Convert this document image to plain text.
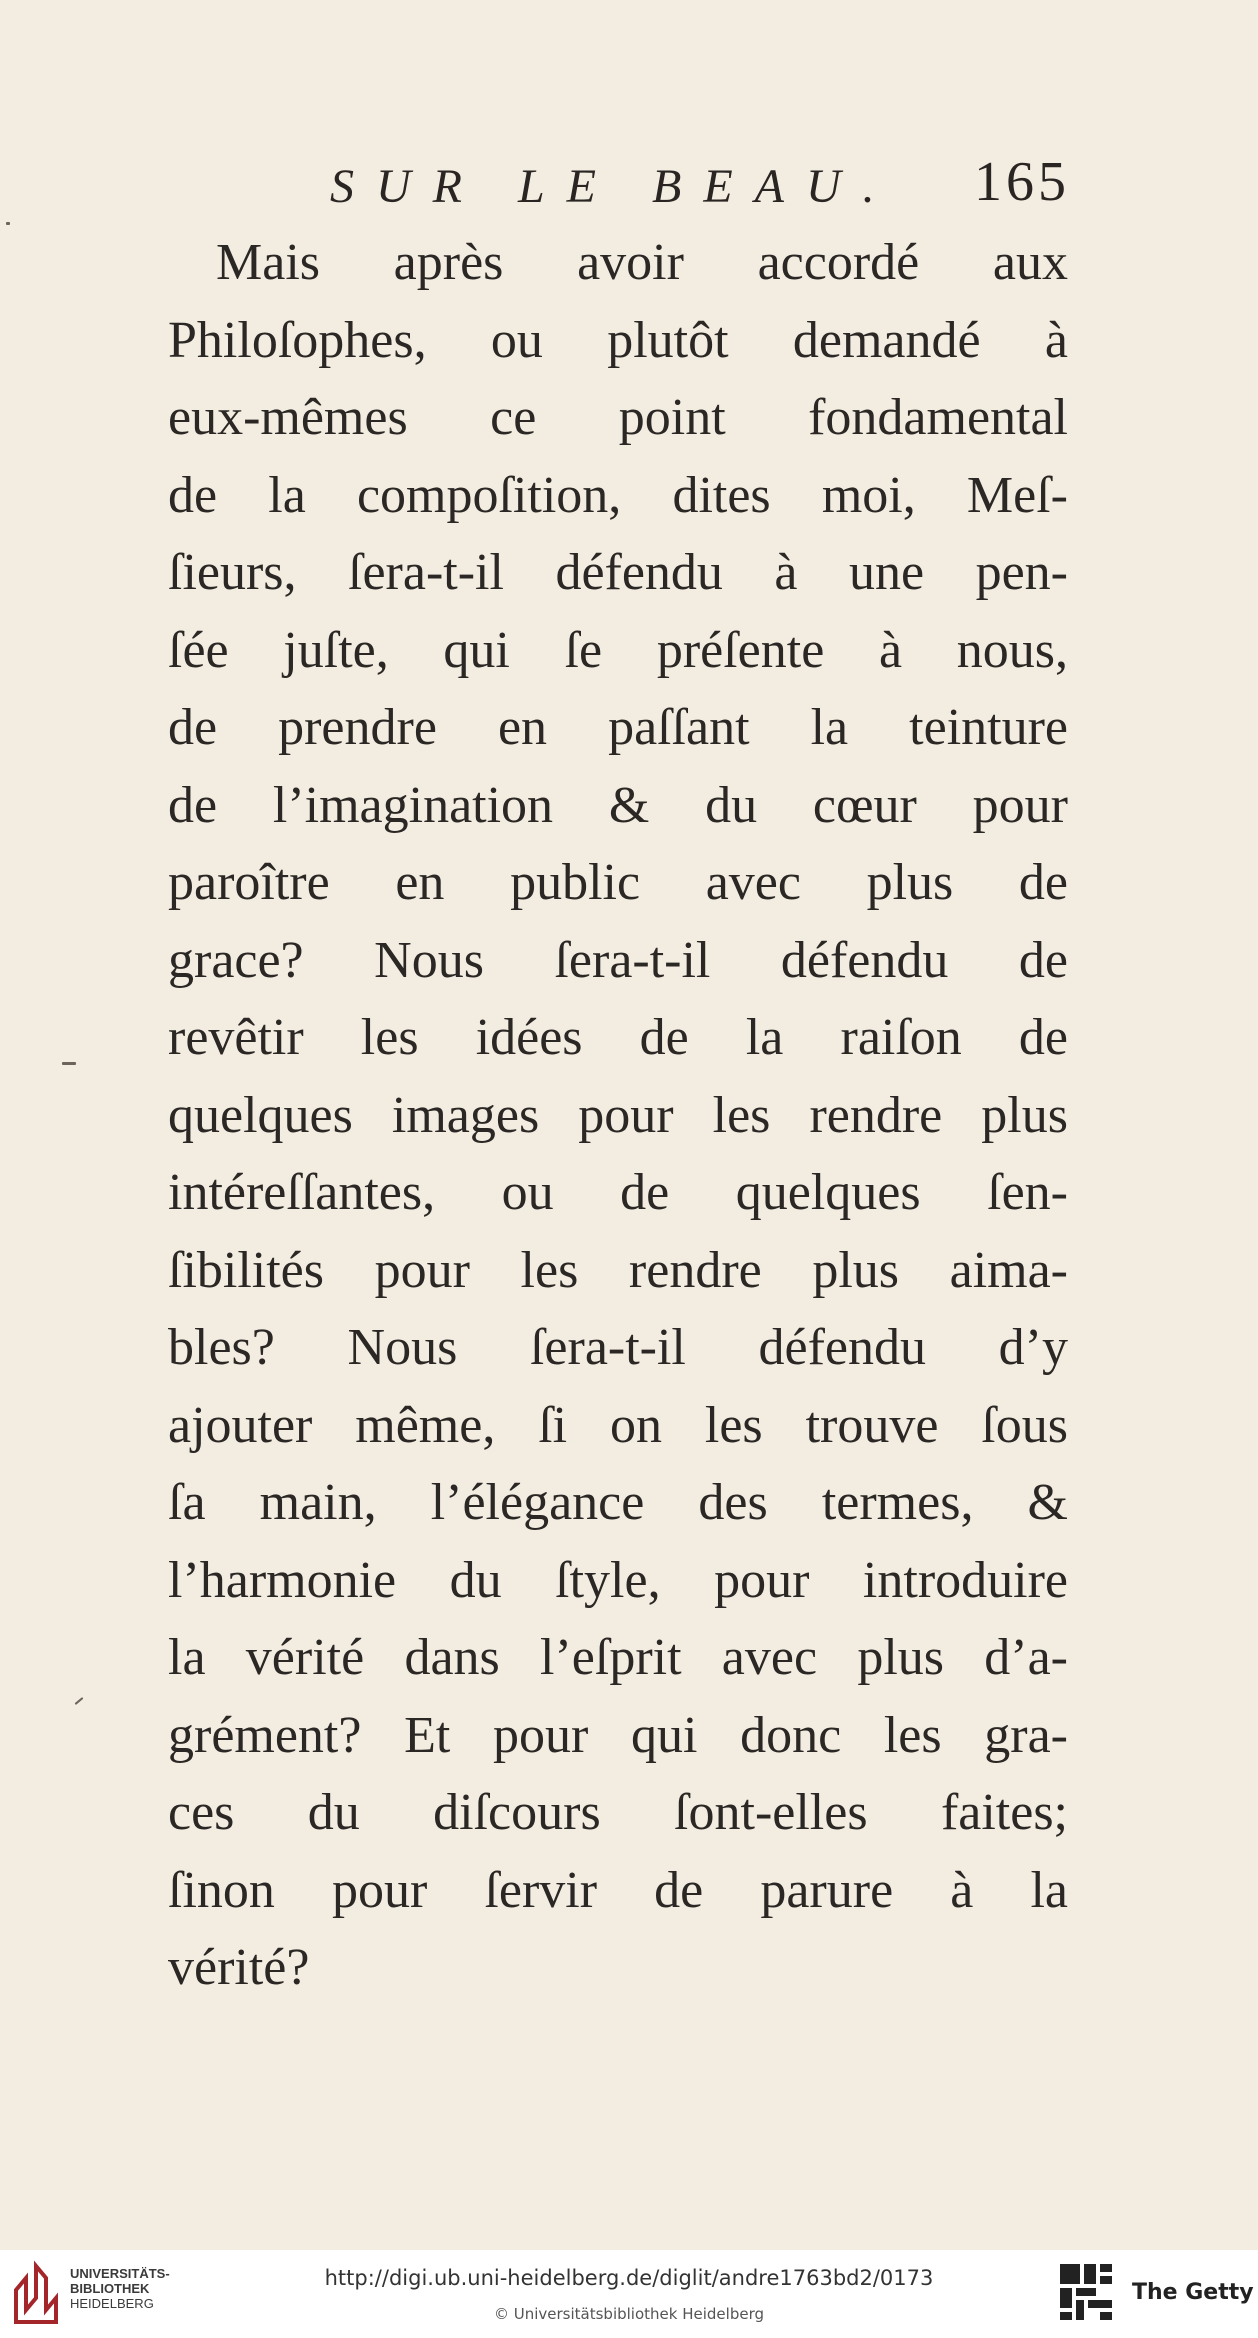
SUR LE BEAU. 165
Mais après avoir accordé aux
Philoſophes, ou plutôt demandé à
eux-mêmes ce point fondamental
de la compoſition, dites moi, Meſ-
ſieurs, ſera-t-il défendu à une pen-
ſée juſte, qui ſe préſente à nous,
de prendre en paſſant la teinture
de l’imagination & du cœur pour
paroître en public avec plus de
grace? Nous ſera-t-il défendu de
revêtir les idées de la raiſon de
quelques images pour les rendre plus
intéreſſantes, ou de quelques ſen-
ſibilités pour les rendre plus aima-
bles? Nous ſera-t-il défendu d’y
ajouter même, ſi on les trouve ſous
ſa main, l’élégance des termes, &
l’harmonie du ſtyle, pour introduire
la vérité dans l’eſprit avec plus d’a-
grément? Et pour qui donc les gra-
ces du diſcours ſont-elles faites;
ſinon pour ſervir de parure à la
vérité?
UNIVERSITÄTS-
BIBLIOTHEK
HEIDELBERG
http://digi.ub.uni-heidelberg.de/diglit/andre1763bd2/0173
© Universitätsbibliothek Heidelberg
The Getty
